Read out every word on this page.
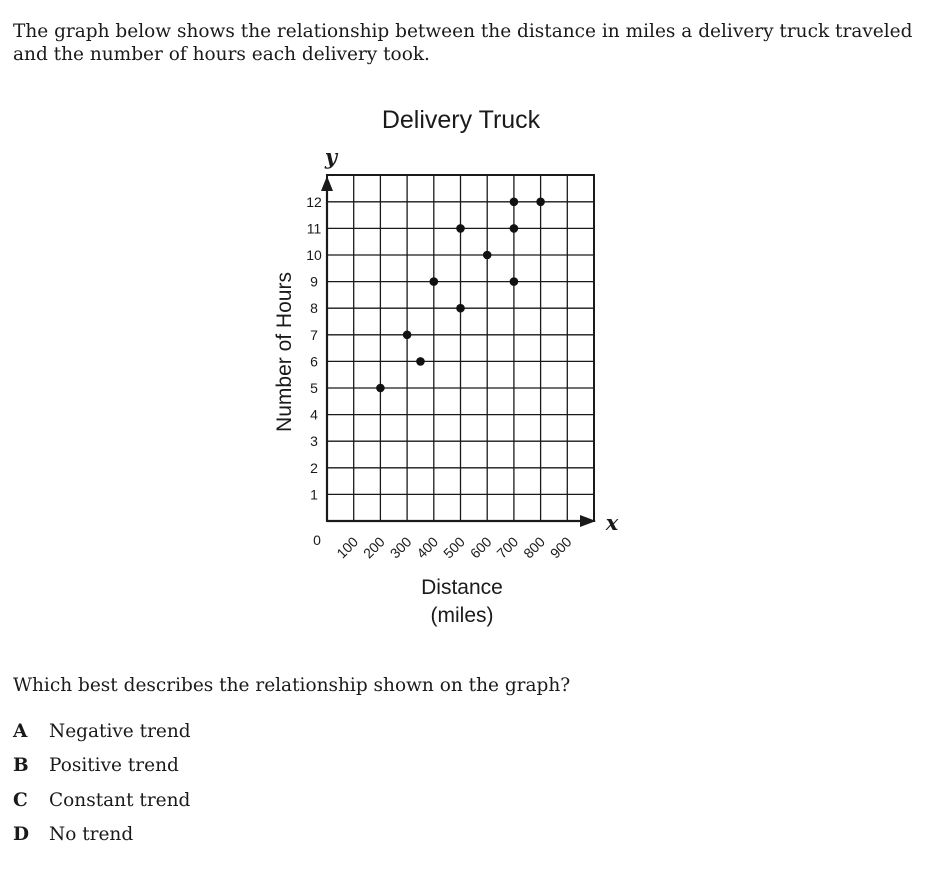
The graph below shows the relationship between the distance in miles a delivery truck traveled and the number of hours each delivery took.
Delivery Truck
100
200
300
400
500
600
700
800
900
1
2
3
4
5
6
7
8
9
10
11
12
y
x
0
Number of Hours
Distance
(miles)
Which best describes the relationship shown on the graph?
A	Negative trend
B	Positive trend
C	Constant trend
D	No trend
